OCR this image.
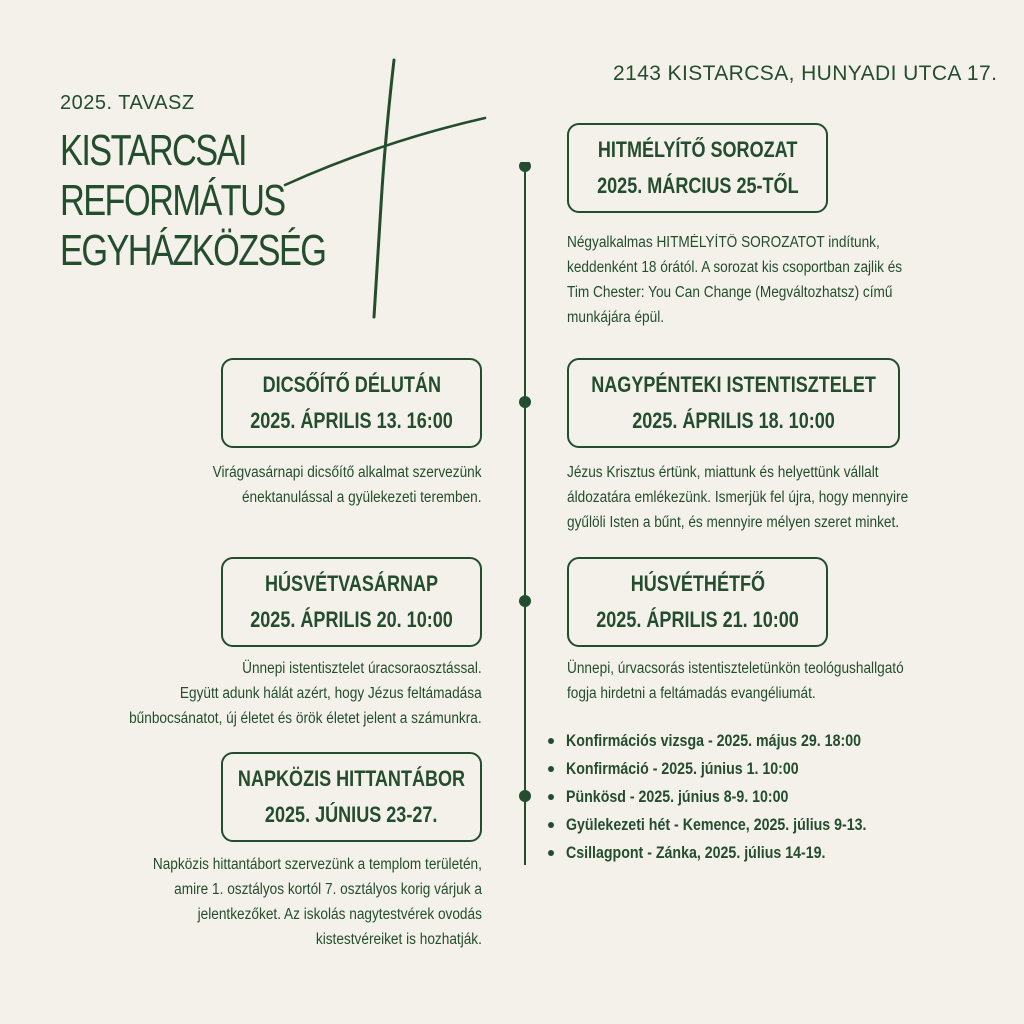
2025. TAVASZ
2143 KISTARCSA, HUNYADI UTCA 17.
KISTARCSAI
REFORMÁTUS
EGYHÁZKÖZSÉG
HITMÉLYÍTŐ SOROZAT
2025. MÁRCIUS 25-TŐL
Négyalkalmas HITMÉLYÍTŐ SOROZATOT indítunk,
keddenként 18 órától. A sorozat kis csoportban zajlik és
Tim Chester: You Can Change (Megváltozhatsz) című
munkájára épül.
DICSŐÍTŐ DÉLUTÁN
2025. ÁPRILIS 13. 16:00
Virágvasárnapi dicsőítő alkalmat szervezünk
énektanulással a gyülekezeti teremben.
NAGYPÉNTEKI ISTENTISZTELET
2025. ÁPRILIS 18. 10:00
Jézus Krisztus értünk, miattunk és helyettünk vállalt
áldozatára emlékezünk. Ismerjük fel újra, hogy mennyire
gyűlöli Isten a bűnt, és mennyire mélyen szeret minket.
HÚSVÉTVASÁRNAP
2025. ÁPRILIS 20. 10:00
Ünnepi istentisztelet úracsoraosztással.
Együtt adunk hálát azért, hogy Jézus feltámadása
bűnbocsánatot, új életet és örök életet jelent a számunkra.
HÚSVÉTHÉTFŐ
2025. ÁPRILIS 21. 10:00
Ünnepi, úrvacsorás istentiszteletünkön teológushallgató
fogja hirdetni a feltámadás evangéliumát.
NAPKÖZIS HITTANTÁBOR
2025. JÚNIUS 23-27.
Napközis hittantábort szervezünk a templom területén,
amire 1. osztályos kortól 7. osztályos korig várjuk a
jelentkezőket. Az iskolás nagytestvérek ovodás
kistestvéreiket is hozhatják.
Konfirmációs vizsga - 2025. május 29. 18:00
Konfirmáció - 2025. június 1. 10:00
Pünkösd - 2025. június 8-9. 10:00
Gyülekezeti hét - Kemence, 2025. július 9-13.
Csillagpont - Zánka, 2025. július 14-19.
